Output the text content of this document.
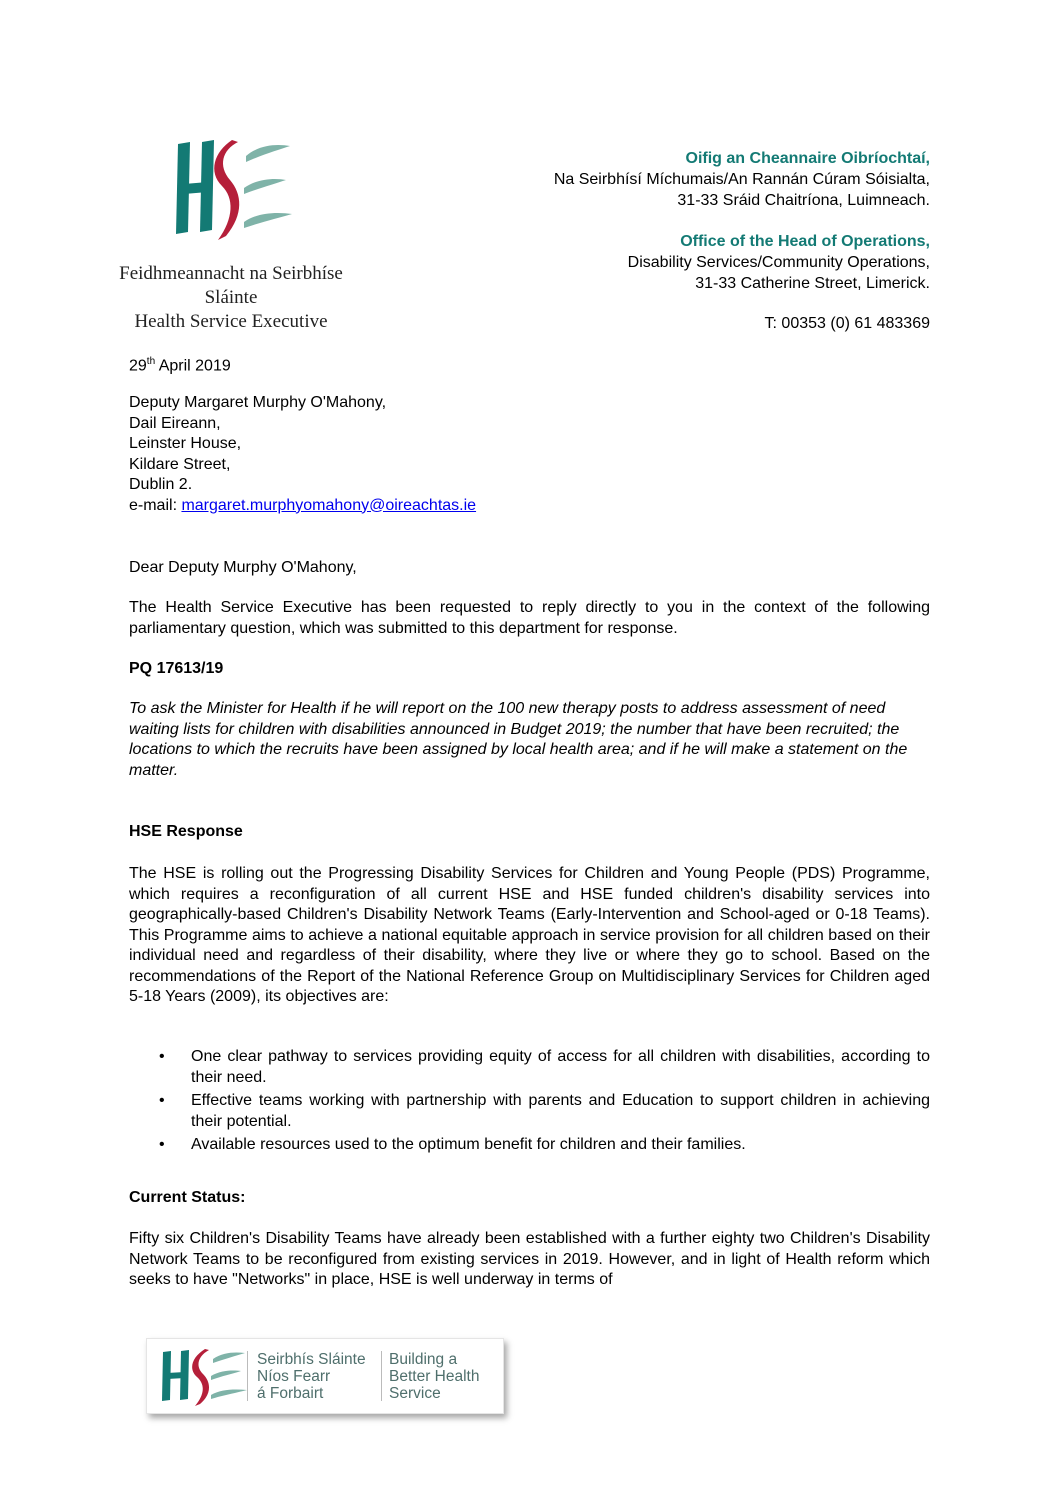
Feidhmeannacht na Seirbhíse Sláinte
Health Service Executive
Oifig an Cheannaire Oibríochtaí,
Na Seirbhísí Míchumais/An Rannán Cúram Sóisialta,
31-33 Sráid Chaitríona, Luimneach.
Office of the Head of Operations,
Disability Services/Community Operations,
31-33 Catherine Street, Limerick.
T: 00353 (0) 61 483369
29th April 2019
Deputy Margaret Murphy O'Mahony,
Dail Eireann,
Leinster House,
Kildare Street,
Dublin 2.
e-mail: margaret.murphyomahony@oireachtas.ie
Dear Deputy Murphy O'Mahony,
The Health Service Executive has been requested to reply directly to you in the context of the following parliamentary question, which was submitted to this department for response.
PQ 17613/19
To ask the Minister for Health if he will report on the 100 new therapy posts to address assessment of need waiting lists for children with disabilities announced in Budget 2019; the number that have been recruited; the locations to which the recruits have been assigned by local health area; and if he will make a statement on the matter.
HSE Response
The HSE is rolling out the Progressing Disability Services for Children and Young People (PDS) Programme, which requires a reconfiguration of all current HSE and HSE funded children's disability services into geographically-based Children's Disability Network Teams (Early-Intervention and School-aged or 0-18 Teams). This Programme aims to achieve a national equitable approach in service provision for all children based on their individual need and regardless of their disability, where they live or where they go to school. Based on the recommendations of the Report of the National Reference Group on Multidisciplinary Services for Children aged 5-18 Years (2009), its objectives are:
• One clear pathway to services providing equity of access for all children with disabilities, according to their need.
• Effective teams working with partnership with parents and Education to support children in achieving their potential.
• Available resources used to the optimum benefit for children and their families.
Current Status:
Fifty six Children's Disability Teams have already been established with a further eighty two Children's Disability Network Teams to be reconfigured from existing services in 2019. However, and in light of Health reform which seeks to have "Networks" in place, HSE is well underway in terms of
Seirbhís Sláinte
Níos Fearr
á Forbairt
Building a
Better Health
Service
